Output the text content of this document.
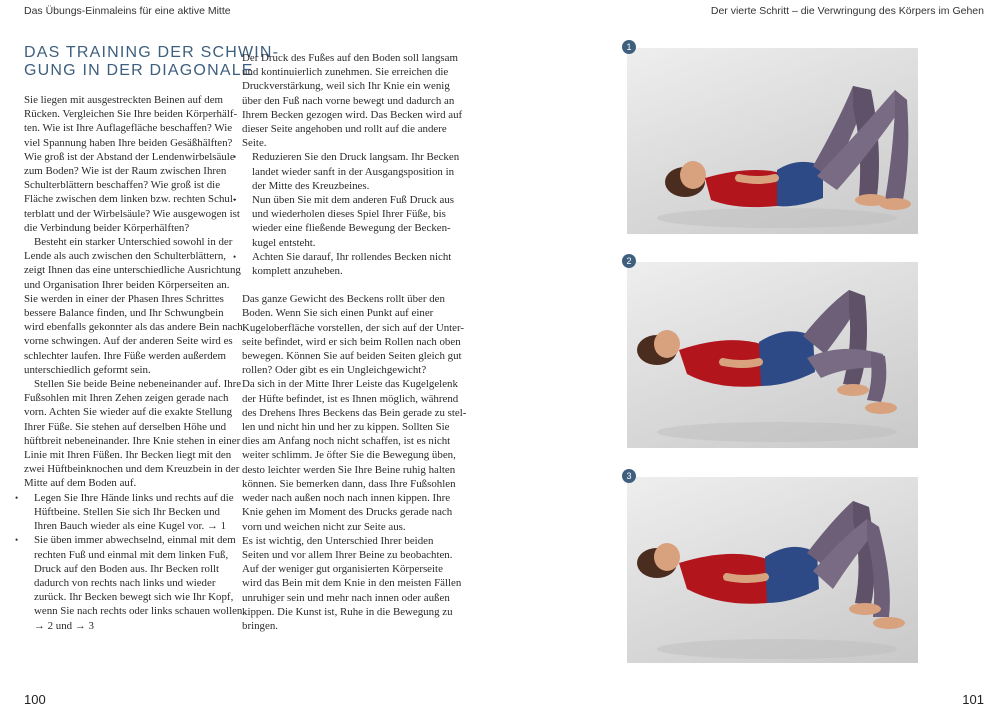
Das Übungs-Einmaleins für eine aktive Mitte	Der vierte Schritt – die Verwringung des Körpers im Gehen
DAS TRAINING DER SCHWIN-
GUNG IN DER DIAGONALE
Sie liegen mit ausgestreckten Beinen auf dem
Rücken. Vergleichen Sie Ihre beiden Körperhälf-
ten. Wie ist Ihre Auflagefläche beschaffen? Wie
viel Spannung haben Ihre beiden Gesäßhälften?
Wie groß ist der Abstand der Lendenwirbelsäule
zum Boden? Wie ist der Raum zwischen Ihren
Schulterblättern beschaffen? Wie groß ist die
Fläche zwischen dem linken bzw. rechten Schul-
terblatt und der Wirbelsäule? Wie ausgewogen ist
die Verbindung beider Körperhälften?
Besteht ein starker Unterschied sowohl in der
Lende als auch zwischen den Schulterblättern,
zeigt Ihnen das eine unterschiedliche Ausrichtung
und Organisation Ihrer beiden Körperseiten an.
Sie werden in einer der Phasen Ihres Schrittes
bessere Balance finden, und Ihr Schwungbein
wird ebenfalls gekonnter als das andere Bein nach
vorne schwingen. Auf der anderen Seite wird es
schlechter laufen. Ihre Füße werden außerdem
unterschiedlich geformt sein.
Stellen Sie beide Beine nebeneinander auf. Ihre
Fußsohlen mit Ihren Zehen zeigen gerade nach
vorn. Achten Sie wieder auf die exakte Stellung
Ihrer Füße. Sie stehen auf derselben Höhe und
hüftbreit nebeneinander. Ihre Knie stehen in einer
Linie mit Ihren Füßen. Ihr Becken liegt mit den
zwei Hüftbeinknochen und dem Kreuzbein in der
Mitte auf dem Boden auf.
• Legen Sie Ihre Hände links und rechts auf die
Hüftbeine. Stellen Sie sich Ihr Becken und
Ihren Bauch wieder als eine Kugel vor. → 1
• Sie üben immer abwechselnd, einmal mit dem
rechten Fuß und einmal mit dem linken Fuß,
Druck auf den Boden aus. Ihr Becken rollt
dadurch von rechts nach links und wieder
zurück. Ihr Becken bewegt sich wie Ihr Kopf,
wenn Sie nach rechts oder links schauen wollen.
→ 2 und → 3
Der Druck des Fußes auf den Boden soll langsam
und kontinuierlich zunehmen. Sie erreichen die
Druckverstärkung, weil sich Ihr Knie ein wenig
über den Fuß nach vorne bewegt und dadurch an
Ihrem Becken gezogen wird. Das Becken wird auf
dieser Seite angehoben und rollt auf die andere
Seite.
• Reduzieren Sie den Druck langsam. Ihr Becken
landet wieder sanft in der Ausgangsposition in
der Mitte des Kreuzbeines.
• Nun üben Sie mit dem anderen Fuß Druck aus
und wiederholen dieses Spiel Ihrer Füße, bis
wieder eine fließende Bewegung der Becken-
kugel entsteht.
• Achten Sie darauf, Ihr rollendes Becken nicht
komplett anzuheben.
Das ganze Gewicht des Beckens rollt über den
Boden. Wenn Sie sich einen Punkt auf einer
Kugeloberfläche vorstellen, der sich auf der Unter-
seite befindet, wird er sich beim Rollen nach oben
bewegen. Können Sie auf beiden Seiten gleich gut
rollen? Oder gibt es ein Ungleichgewicht?
Da sich in der Mitte Ihrer Leiste das Kugelgelenk
der Hüfte befindet, ist es Ihnen möglich, während
des Drehens Ihres Beckens das Bein gerade zu stel-
len und nicht hin und her zu kippen. Sollten Sie
dies am Anfang noch nicht schaffen, ist es nicht
weiter schlimm. Je öfter Sie die Bewegung üben,
desto leichter werden Sie Ihre Beine ruhig halten
können. Sie bemerken dann, dass Ihre Fußsohlen
weder nach außen noch nach innen kippen. Ihre
Knie gehen im Moment des Drucks gerade nach
vorn und weichen nicht zur Seite aus.
Es ist wichtig, den Unterschied Ihrer beiden
Seiten und vor allem Ihrer Beine zu beobachten.
Auf der weniger gut organisierten Körperseite
wird das Bein mit dem Knie in den meisten Fällen
unruhiger sein und mehr nach innen oder außen
kippen. Die Kunst ist, Ruhe in die Bewegung zu
bringen.
1
2
3
100	101
